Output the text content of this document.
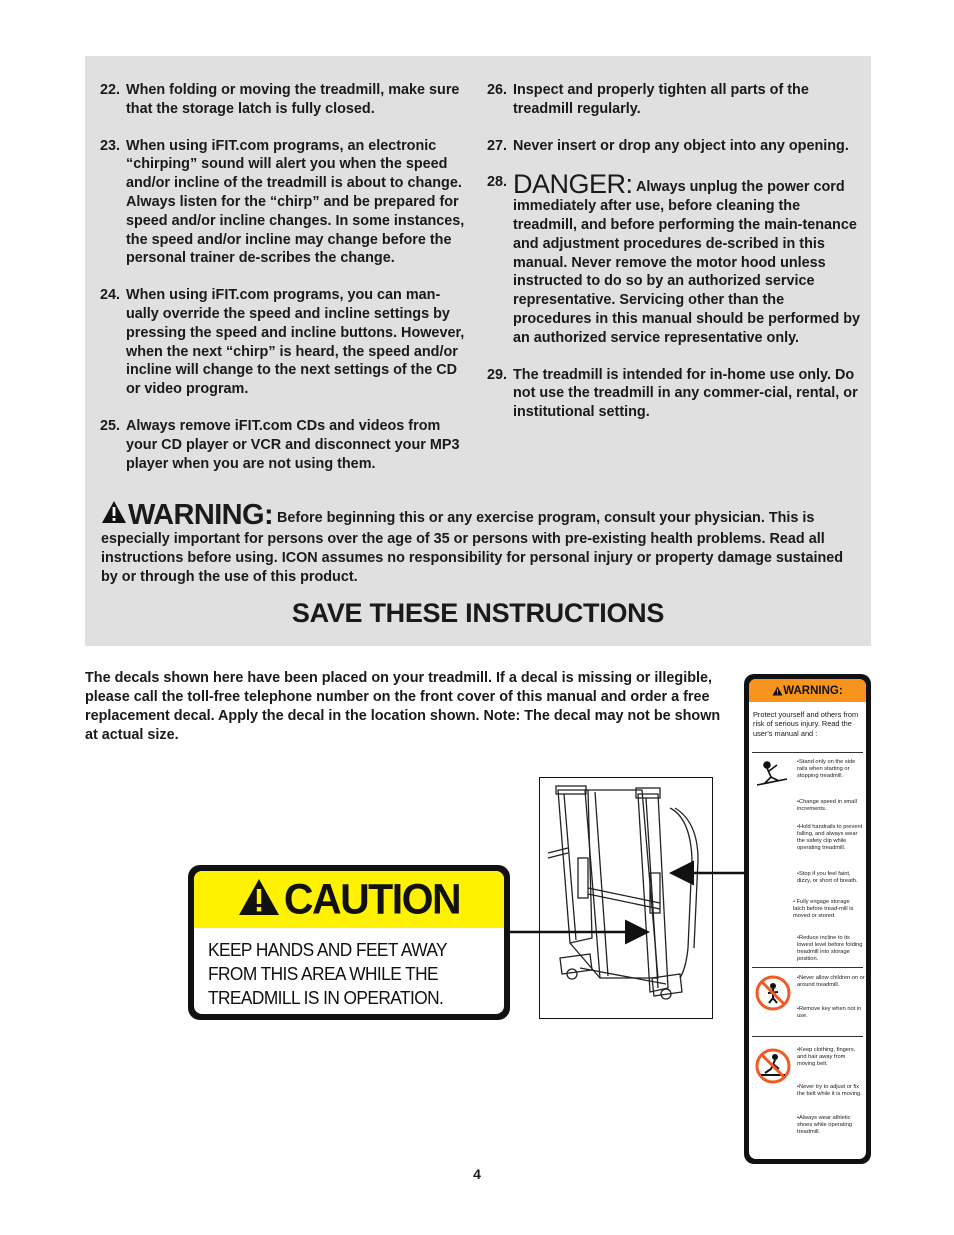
22. When folding or moving the treadmill, make sure that the storage latch is fully closed.
23. When using iFIT.com programs, an electronic “chirping” sound will alert you when the speed and/or incline of the treadmill is about to change. Always listen for the “chirp” and be prepared for speed and/or incline changes. In some instances, the speed and/or incline may change before the personal trainer de-scribes the change.
24. When using iFIT.com programs, you can man-ually override the speed and incline settings by pressing the speed and incline buttons. However, when the next “chirp” is heard, the speed and/or incline will change to the next settings of the CD or video program.
25. Always remove iFIT.com CDs and videos from your CD player or VCR and disconnect your MP3 player when you are not using them.
26. Inspect and properly tighten all parts of the treadmill regularly.
27. Never insert or drop any object into any opening.
28. DANGER: Always unplug the power cord immediately after use, before cleaning the treadmill, and before performing the main-tenance and adjustment procedures de-scribed in this manual. Never remove the motor hood unless instructed to do so by an authorized service representative. Servicing other than the procedures in this manual should be performed by an authorized service representative only.
29. The treadmill is intended for in-home use only. Do not use the treadmill in any commer-cial, rental, or institutional setting.
WARNING: Before beginning this or any exercise program, consult your physician. This is especially important for persons over the age of 35 or persons with pre-existing health problems. Read all instructions before using. ICON assumes no responsibility for personal injury or property damage sustained by or through the use of this product.
SAVE THESE INSTRUCTIONS
The decals shown here have been placed on your treadmill. If a decal is missing or illegible, please call the toll-free telephone number on the front cover of this manual and order a free replacement decal. Apply the decal in the location shown. Note: The decal may not be shown at actual size.
CAUTION
KEEP HANDS AND FEET AWAY
FROM THIS AREA WHILE THE
TREADMILL IS IN OPERATION.
WARNING:
Protect yourself and others from risk of serious injury. Read the user's manual and :
•Stand only on the side rails when starting or stopping treadmill.
•Change speed in small increments.
•Hold handrails to prevent falling, and always wear the safety clip while operating treadmill.
•Stop if you feel faint, dizzy, or short of breath.
• Fully engage storage latch before tread-mill is moved or stored.
•Reduce incline to its lowest level before folding treadmill into storage position.
•Never allow children on or around treadmill.
•Remove key when not in use.
•Keep clothing, fingers, and hair away from moving belt.
•Never try to adjust or fix the belt while it is moving.
•Always wear athletic shoes while operating treadmill.
4
